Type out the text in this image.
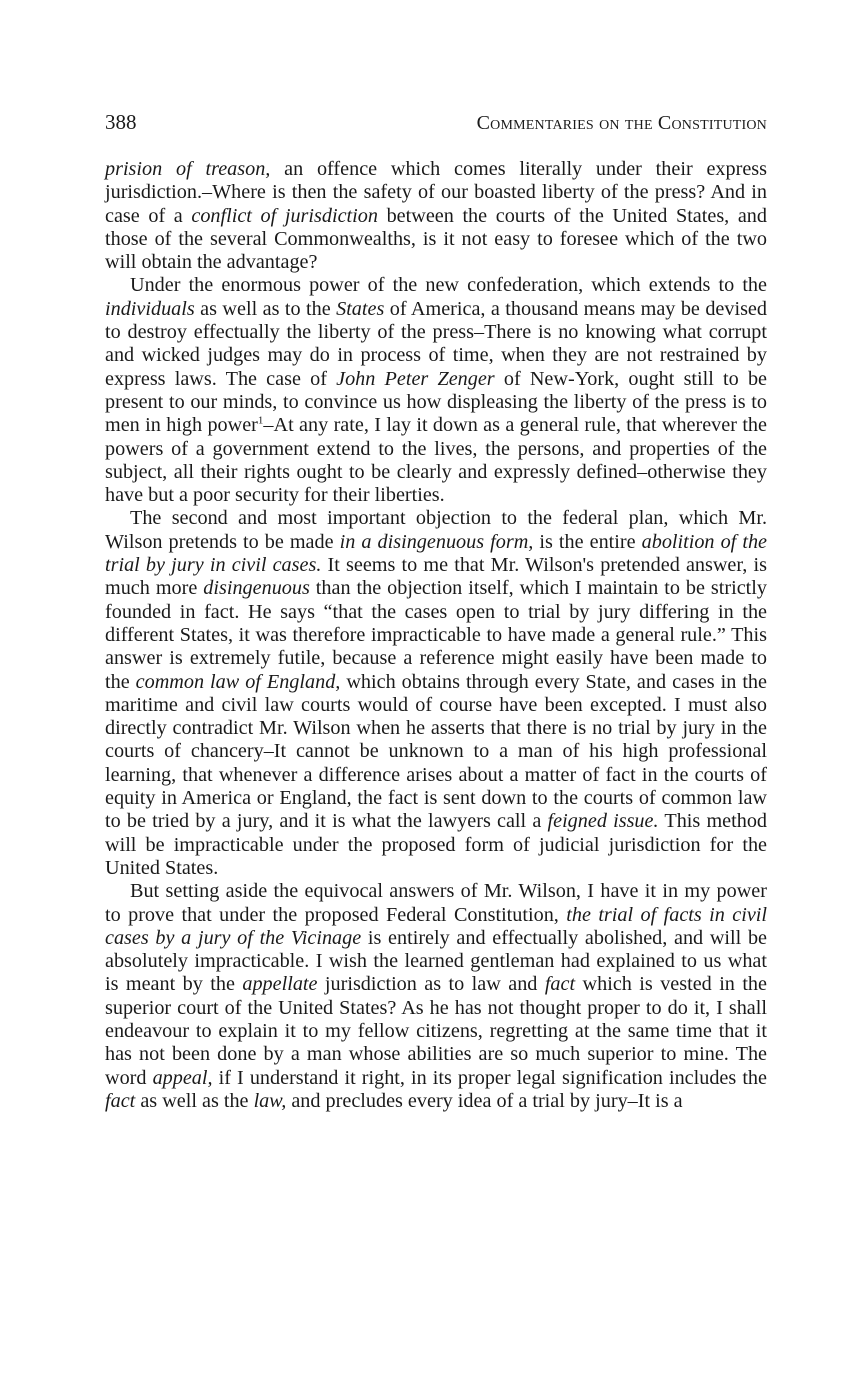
388	Commentaries on the Constitution

prision of treason, an offence which comes literally under their express jurisdiction.–Where is then the safety of our boasted liberty of the press? And in case of a conflict of jurisdiction between the courts of the United States, and those of the several Commonwealths, is it not easy to foresee which of the two will obtain the advantage?

Under the enormous power of the new confederation, which extends to the individuals as well as to the States of America, a thousand means may be devised to destroy effectually the liberty of the press–There is no knowing what corrupt and wicked judges may do in process of time, when they are not restrained by express laws. The case of John Peter Zenger of New-York, ought still to be present to our minds, to convince us how displeasing the liberty of the press is to men in high power$^1$–At any rate, I lay it down as a general rule, that wherever the powers of a government extend to the lives, the persons, and properties of the subject, all their rights ought to be clearly and expressly defined–otherwise they have but a poor security for their liberties.

The second and most important objection to the federal plan, which Mr. Wilson pretends to be made in a disingenuous form, is the entire abolition of the trial by jury in civil cases. It seems to me that Mr. Wilson's pretended answer, is much more disingenuous than the objection itself, which I maintain to be strictly founded in fact. He says “that the cases open to trial by jury differing in the different States, it was therefore impracticable to have made a general rule.” This answer is extremely futile, because a reference might easily have been made to the common law of England, which obtains through every State, and cases in the maritime and civil law courts would of course have been excepted. I must also directly contradict Mr. Wilson when he asserts that there is no trial by jury in the courts of chancery–It cannot be unknown to a man of his high professional learning, that whenever a difference arises about a matter of fact in the courts of equity in America or England, the fact is sent down to the courts of common law to be tried by a jury, and it is what the lawyers call a feigned issue. This method will be impracticable under the proposed form of judicial jurisdiction for the United States.

But setting aside the equivocal answers of Mr. Wilson, I have it in my power to prove that under the proposed Federal Constitution, the trial of facts in civil cases by a jury of the Vicinage is entirely and effectually abolished, and will be absolutely impracticable. I wish the learned gentleman had explained to us what is meant by the appellate jurisdiction as to law and fact which is vested in the superior court of the United States? As he has not thought proper to do it, I shall endeavour to explain it to my fellow citizens, regretting at the same time that it has not been done by a man whose abilities are so much superior to mine. The word appeal, if I understand it right, in its proper legal signification includes the fact as well as the law, and precludes every idea of a trial by jury–It is a
